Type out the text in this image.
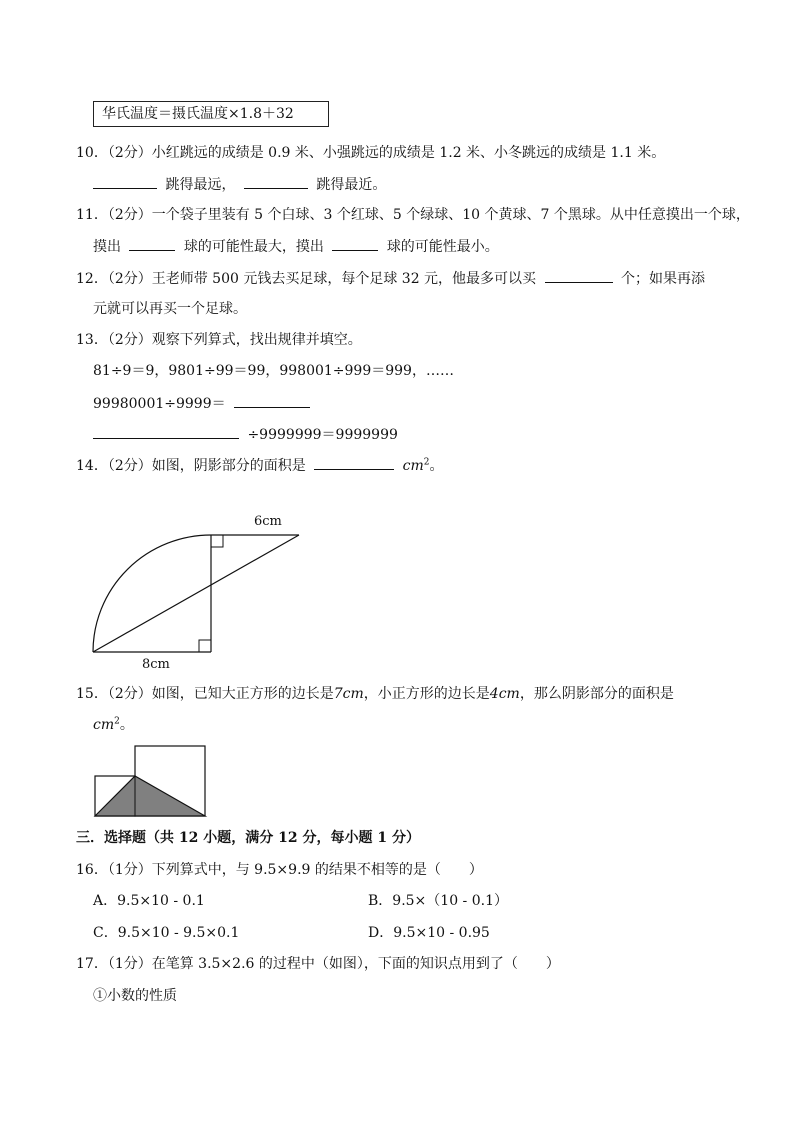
华氏温度＝摄氏温度×1.8＋32
10．（2分）小红跳远的成绩是 0.9 米、小强跳远的成绩是 1.2 米、小冬跳远的成绩是 1.1 米。
跳得最远，	跳得最近。
11．（2分）一个袋子里装有 5 个白球、3 个红球、5 个绿球、10 个黄球、7 个黑球。从中任意摸出一个球，
摸出	球的可能性最大，摸出	球的可能性最小。
12．（2分）王老师带 500 元钱去买足球，每个足球 32 元，他最多可以买	个；如果再添
元就可以再买一个足球。
13．（2分）观察下列算式，找出规律并填空。
81÷9＝9，9801÷99＝99，998001÷999＝999，……
99980001÷9999＝
÷9999999＝9999999
14．（2分）如图，阴影部分的面积是	$cm^2$。
6cm
8cm
15．（2分）如图，已知大正方形的边长是7cm，小正方形的边长是4cm，那么阴影部分的面积是
$cm^2$。
三．选择题（共 12 小题，满分 12 分，每小题 1 分）
16．（1分）下列算式中，与 9.5×9.9 的结果不相等的是（　　）
A．9.5×10 - 0.1	B．9.5×（10 - 0.1）
C．9.5×10 - 9.5×0.1	D．9.5×10 - 0.95
17．（1分）在笔算 3.5×2.6 的过程中（如图），下面的知识点用到了（　　）
①小数的性质
